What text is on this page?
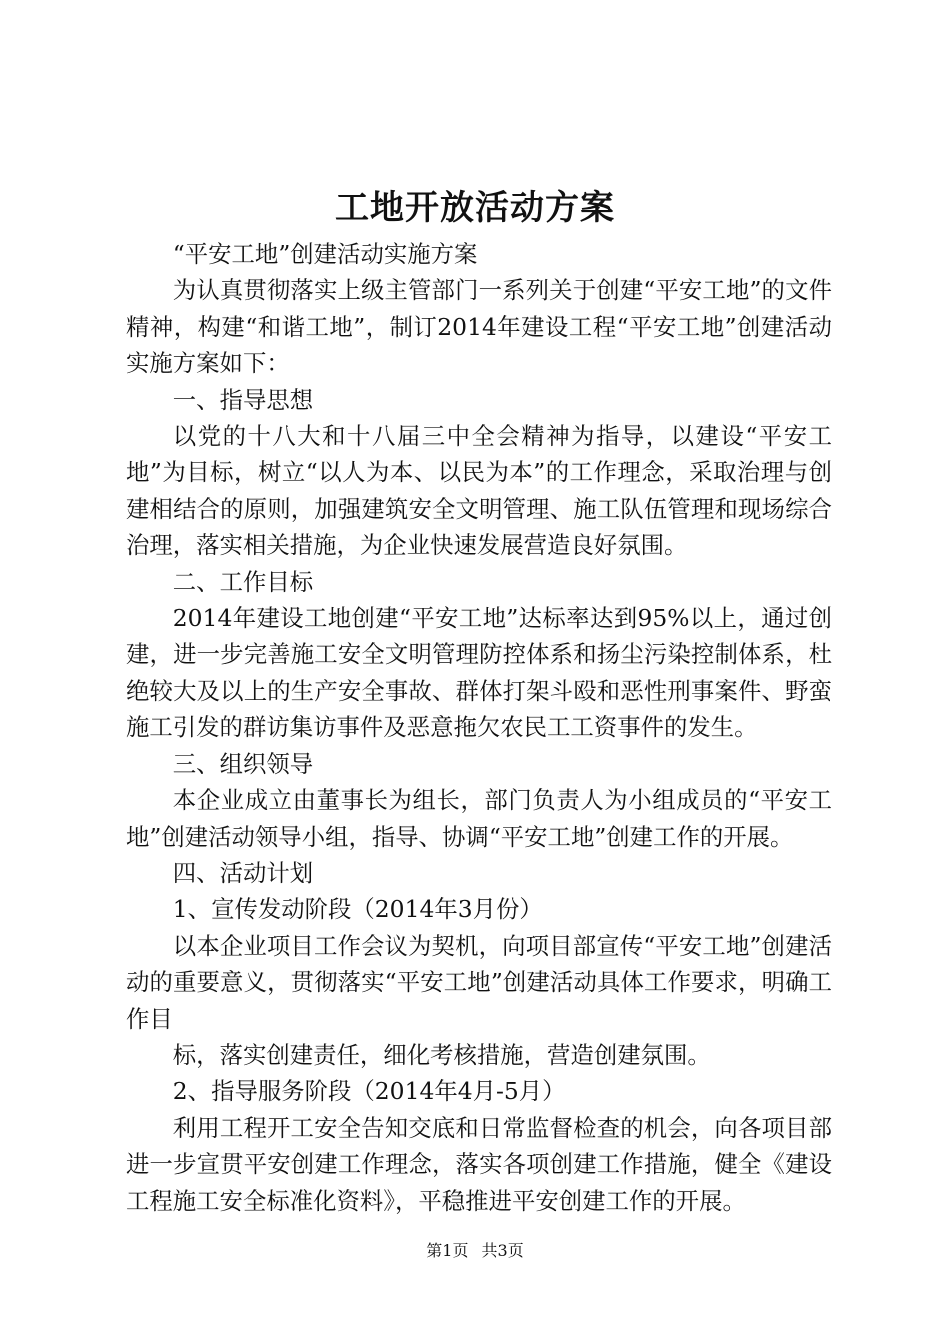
工地开放活动方案

“平安工地”创建活动实施方案

为认真贯彻落实上级主管部门一系列关于创建“平安工地”的文件精神，构建“和谐工地”，制订2014年建设工程“平安工地”创建活动实施方案如下：

一、指导思想

以党的十八大和十八届三中全会精神为指导，以建设“平安工地”为目标，树立“以人为本、以民为本”的工作理念，采取治理与创建相结合的原则，加强建筑安全文明管理、施工队伍管理和现场综合治理，落实相关措施，为企业快速发展营造良好氛围。

二、工作目标

2014年建设工地创建“平安工地”达标率达到95%以上，通过创建，进一步完善施工安全文明管理防控体系和扬尘污染控制体系，杜绝较大及以上的生产安全事故、群体打架斗殴和恶性刑事案件、野蛮施工引发的群访集访事件及恶意拖欠农民工工资事件的发生。

三、组织领导

本企业成立由董事长为组长，部门负责人为小组成员的“平安工地”创建活动领导小组，指导、协调“平安工地”创建工作的开展。

四、活动计划

1、宣传发动阶段（2014年3月份）

以本企业项目工作会议为契机，向项目部宣传“平安工地”创建活动的重要意义，贯彻落实“平安工地”创建活动具体工作要求，明确工作目

标，落实创建责任，细化考核措施，营造创建氛围。

2、指导服务阶段（2014年4月-5月）

利用工程开工安全告知交底和日常监督检查的机会，向各项目部进一步宣贯平安创建工作理念，落实各项创建工作措施，健全《建设工程施工安全标准化资料》，平稳推进平安创建工作的开展。

第1页 共3页
